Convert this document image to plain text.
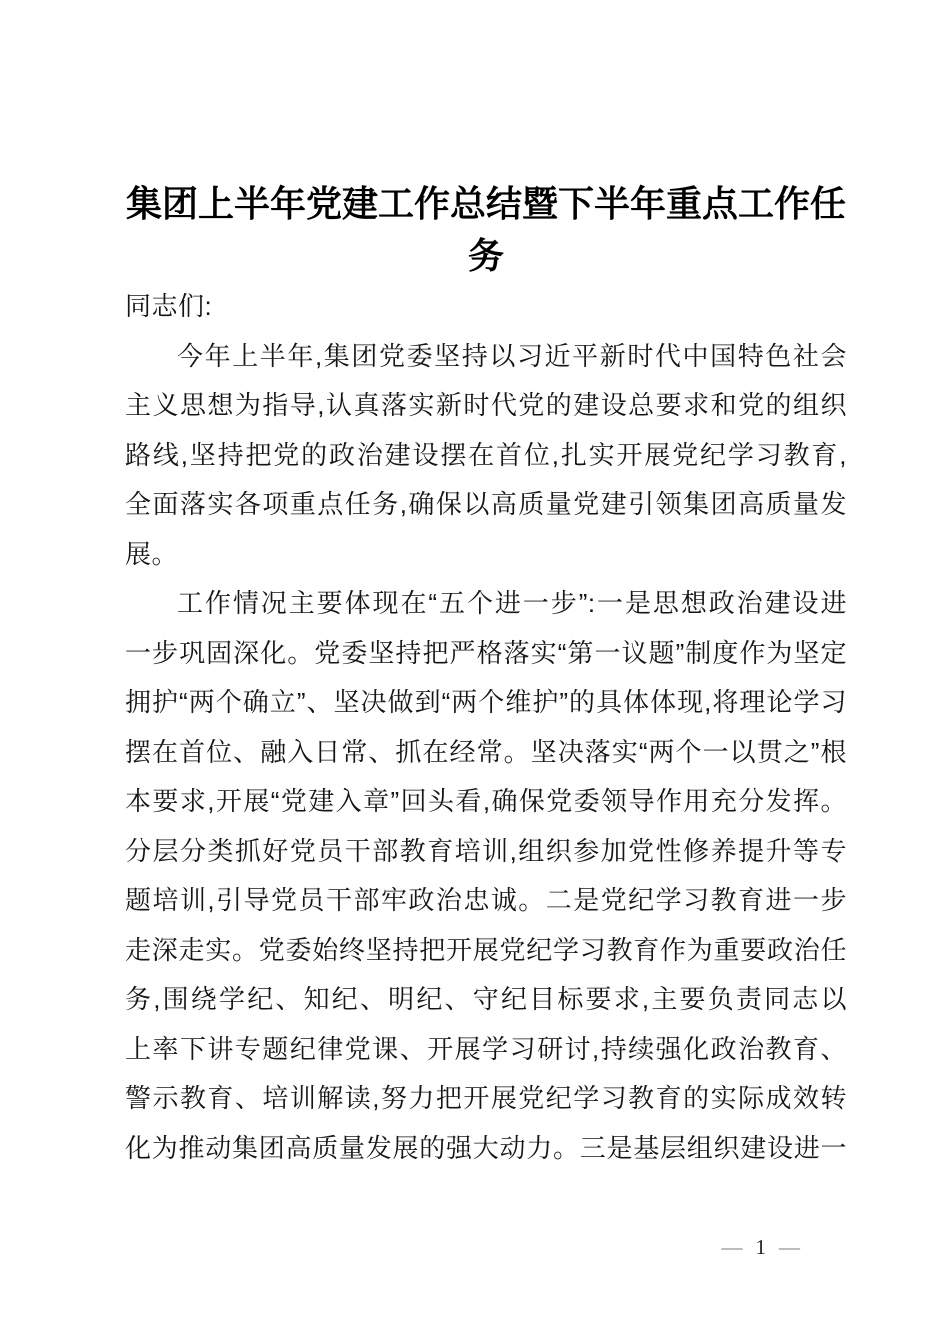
集团上半年党建工作总结暨下半年重点工作任
务
同志们:
今年上半年,集团党委坚持以习近平新时代中国特色社会
主义思想为指导,认真落实新时代党的建设总要求和党的组织
路线,坚持把党的政治建设摆在首位,扎实开展党纪学习教育,
全面落实各项重点任务,确保以高质量党建引领集团高质量发
展。
工作情况主要体现在“五个进一步”:一是思想政治建设进
一步巩固深化。党委坚持把严格落实“第一议题”制度作为坚定
拥护“两个确立”、坚决做到“两个维护”的具体体现,将理论学习
摆在首位、融入日常、抓在经常。坚决落实“两个一以贯之”根
本要求,开展“党建入章”回头看,确保党委领导作用充分发挥。
分层分类抓好党员干部教育培训,组织参加党性修养提升等专
题培训,引导党员干部牢政治忠诚。二是党纪学习教育进一步
走深走实。党委始终坚持把开展党纪学习教育作为重要政治任
务,围绕学纪、知纪、明纪、守纪目标要求,主要负责同志以
上率下讲专题纪律党课、开展学习研讨,持续强化政治教育、
警示教育、培训解读,努力把开展党纪学习教育的实际成效转
化为推动集团高质量发展的强大动力。三是基层组织建设进一
— 1 —
